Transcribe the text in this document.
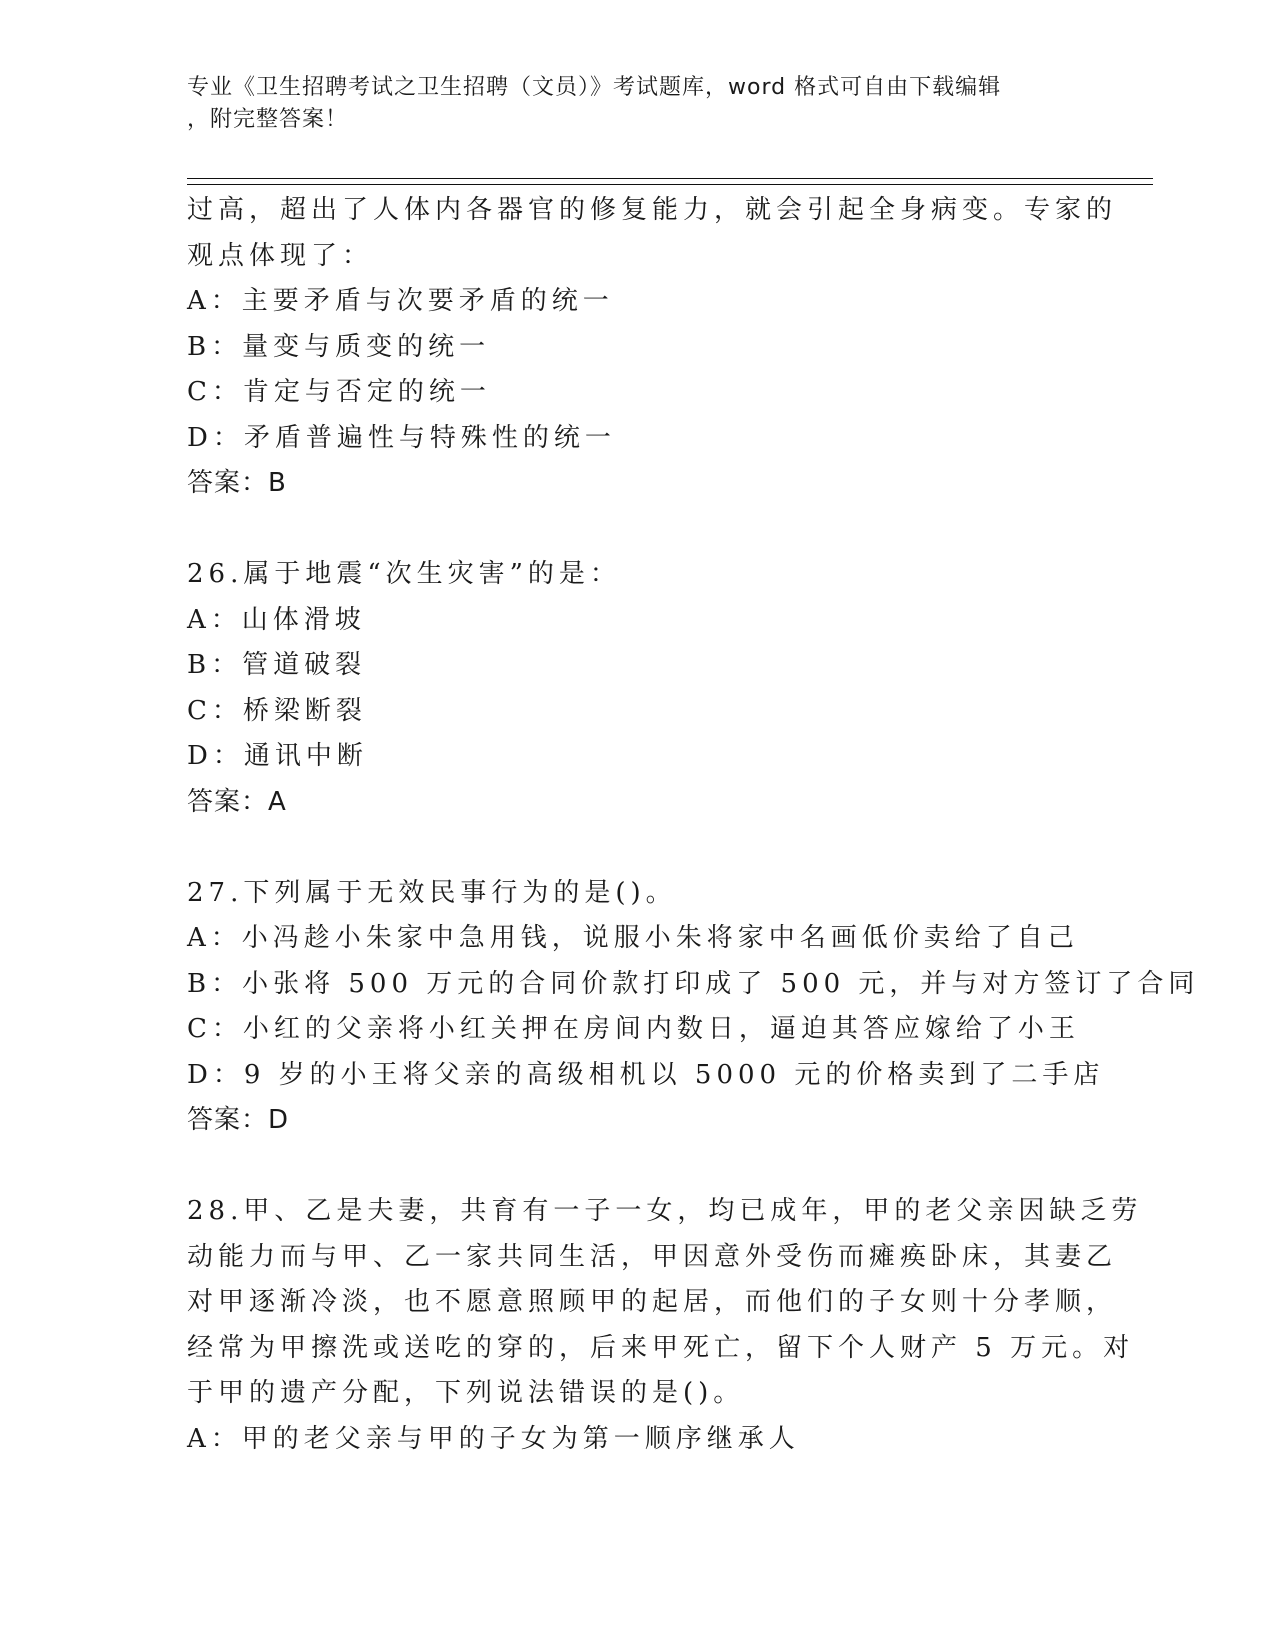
专业《卫生招聘考试之卫生招聘（文员）》考试题库，word 格式可自由下载编辑
，附完整答案！
过高，超出了人体内各器官的修复能力，就会引起全身病变。专家的
观点体现了：
A：主要矛盾与次要矛盾的统一
B：量变与质变的统一
C：肯定与否定的统一
D：矛盾普遍性与特殊性的统一
答案：B
26.属于地震“次生灾害”的是：
A：山体滑坡
B：管道破裂
C：桥梁断裂
D：通讯中断
答案：A
27.下列属于无效民事行为的是()。
A：小冯趁小朱家中急用钱，说服小朱将家中名画低价卖给了自己
B：小张将 500 万元的合同价款打印成了 500 元，并与对方签订了合同
C：小红的父亲将小红关押在房间内数日，逼迫其答应嫁给了小王
D：9 岁的小王将父亲的高级相机以 5000 元的价格卖到了二手店
答案：D
28.甲、乙是夫妻，共育有一子一女，均已成年，甲的老父亲因缺乏劳
动能力而与甲、乙一家共同生活，甲因意外受伤而瘫痪卧床，其妻乙
对甲逐渐冷淡，也不愿意照顾甲的起居，而他们的子女则十分孝顺，
经常为甲擦洗或送吃的穿的，后来甲死亡，留下个人财产 5 万元。对
于甲的遗产分配，下列说法错误的是()。
A：甲的老父亲与甲的子女为第一顺序继承人
